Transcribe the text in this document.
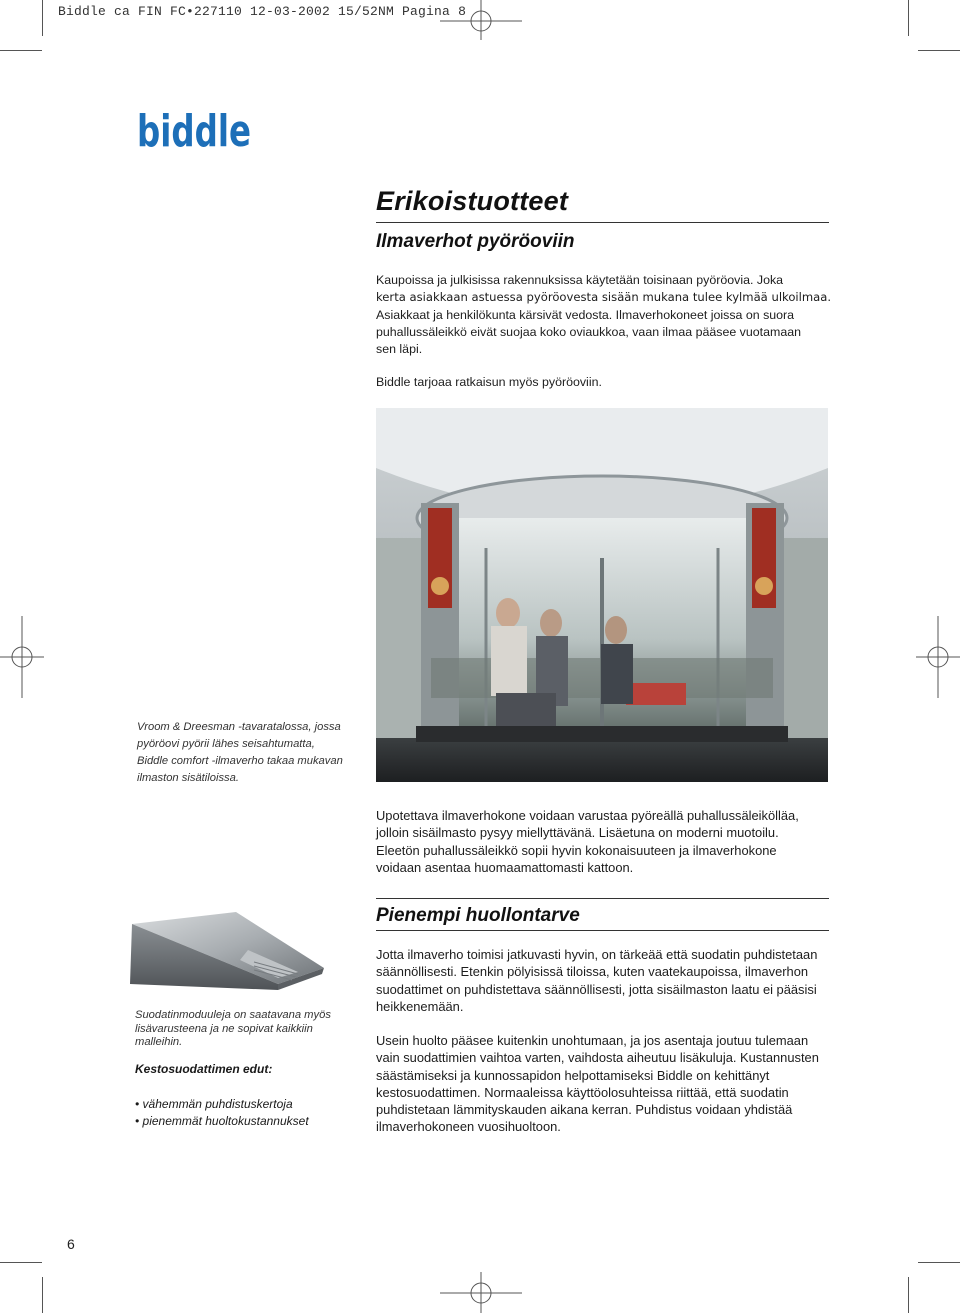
Biddle ca FIN FC•227110 12-03-2002 15/52NM Pagina 8
biddle
Erikoistuotteet
Ilmaverhot pyöröoviin

Kaupoissa ja julkisissa rakennuksissa käytetään toisinaan pyöröovia. Joka

kerta asiakkaan astuessa pyöröovesta sisään mukana tulee kylmää ulkoilmaa.

Asiakkaat ja henkilökunta kärsivät vedosta. Ilmaverhokoneet joissa on suora

puhallussäleikkö eivät suojaa koko oviaukkoa, vaan ilmaa pääsee vuotamaan

sen läpi.

Biddle tarjoaa ratkaisun myös pyöröoviin.
Vroom & Dreesman -tavaratalossa, jossa
pyöröovi pyörii lähes seisahtumatta,
Biddle comfort -ilmaverho takaa mukavan
ilmaston sisätiloissa.

Upotettava ilmaverhokone voidaan varustaa pyöreällä puhallussäleikölläa,

jolloin sisäilmasto pysyy miellyttävänä. Lisäetuna on moderni muotoilu.

Eleetön puhallussäleikkö sopii hyvin kokonaisuuteen ja ilmaverhokone

voidaan asentaa huomaamattomasti kattoon.

Pienempi huollontarve

Jotta ilmaverho toimisi jatkuvasti hyvin, on tärkeää että suodatin puhdistetaan

säännöllisesti. Etenkin pölyisissä tiloissa, kuten vaatekaupoissa, ilmaverhon

suodattimet on puhdistettava säännöllisesti, jotta sisäilmaston laatu ei pääsisi

heikkenemään.

Usein huolto pääsee kuitenkin unohtumaan, ja jos asentaja joutuu tulemaan

vain suodattimien vaihtoa varten, vaihdosta aiheutuu lisäkuluja. Kustannusten

säästämiseksi ja kunnossapidon helpottamiseksi Biddle on kehittänyt

kestosuodattimen. Normaaleissa käyttöolosuhteissa riittää, että suodatin

puhdistetaan lämmityskauden aikana kerran. Puhdistus voidaan yhdistää

ilmaverhokoneen vuosihuoltoon.

Suodatinmoduuleja on saatavana myös
lisävarusteena ja ne sopivat kaikkiin
malleihin.
Kestosuodattimen edut:
• vähemmän puhdistuskertoja
• pienemmät huoltokustannukset
6
